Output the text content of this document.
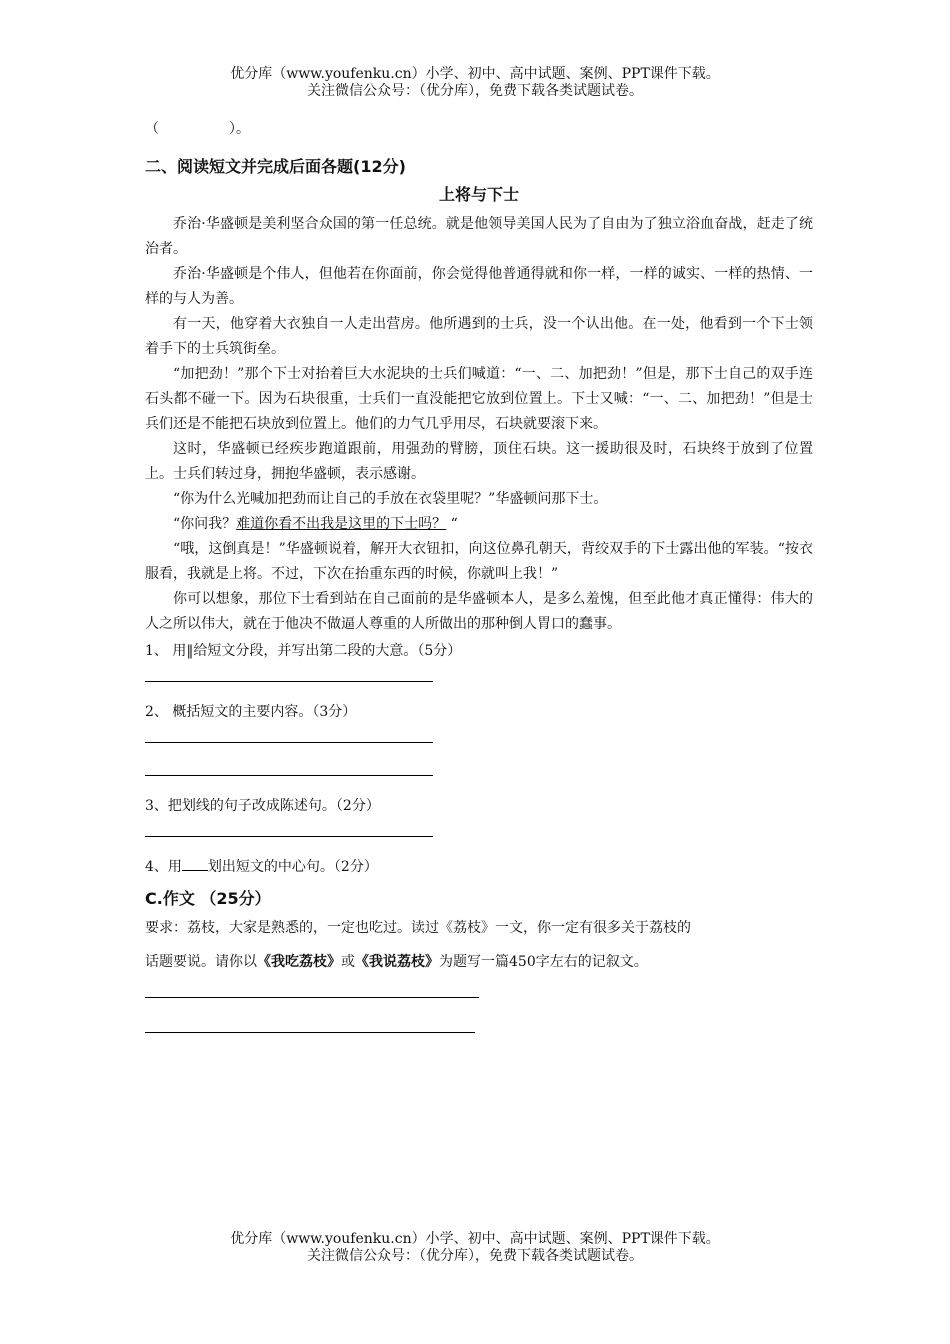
优分库（www.youfenku.cn）小学、初中、高中试题、案例、PPT课件下载。
关注微信公众号：（优分库），免费下载各类试题试卷。
（　　　　　）。
二、阅读短文并完成后面各题(12分)
上将与下士

乔治·华盛顿是美利坚合众国的第一任总统。就是他领导美国人民为了自由为了独立浴血奋战，赶走了统治者。

乔治·华盛顿是个伟人，但他若在你面前，你会觉得他普通得就和你一样，一样的诚实、一样的热情、一样的与人为善。

有一天，他穿着大衣独自一人走出营房。他所遇到的士兵，没一个认出他。在一处，他看到一个下士领着手下的士兵筑街垒。

“加把劲！”那个下士对抬着巨大水泥块的士兵们喊道：“一、二、加把劲！”但是，那下士自己的双手连石头都不碰一下。因为石块很重，士兵们一直没能把它放到位置上。下士又喊：“一、二、加把劲！”但是士兵们还是不能把石块放到位置上。他们的力气几乎用尽，石块就要滚下来。

这时，华盛顿已经疾步跑道跟前，用强劲的臂膀，顶住石块。这一援助很及时，石块终于放到了位置上。士兵们转过身，拥抱华盛顿，表示感谢。

“你为什么光喊加把劲而让自己的手放在衣袋里呢？”华盛顿问那下士。

“你问我？难道你看不出我是这里的下士吗？ “

“哦，这倒真是！”华盛顿说着，解开大衣钮扣，向这位鼻孔朝天，背绞双手的下士露出他的军装。“按衣服看，我就是上将。不过，下次在抬重东西的时候，你就叫上我！”

你可以想象，那位下士看到站在自己面前的是华盛顿本人，是多么羞愧，但至此他才真正懂得：伟大的人之所以伟大，就在于他决不做逼人尊重的人所做出的那种倒人胃口的蠢事。

1、 用‖给短文分段，并写出第二段的大意。（5分）
2、 概括短文的主要内容。（3分）
3、把划线的句子改成陈述句。（2分）
4、用 划出短文的中心句。（2分）
C.作文 （25分）
要求：荔枝，大家是熟悉的，一定也吃过。读过《荔枝》一文，你一定有很多关于荔枝的
话题要说。请你以《我吃荔枝》或《我说荔枝》为题写一篇450字左右的记叙文。
优分库（www.youfenku.cn）小学、初中、高中试题、案例、PPT课件下载。
关注微信公众号：（优分库），免费下载各类试题试卷。
